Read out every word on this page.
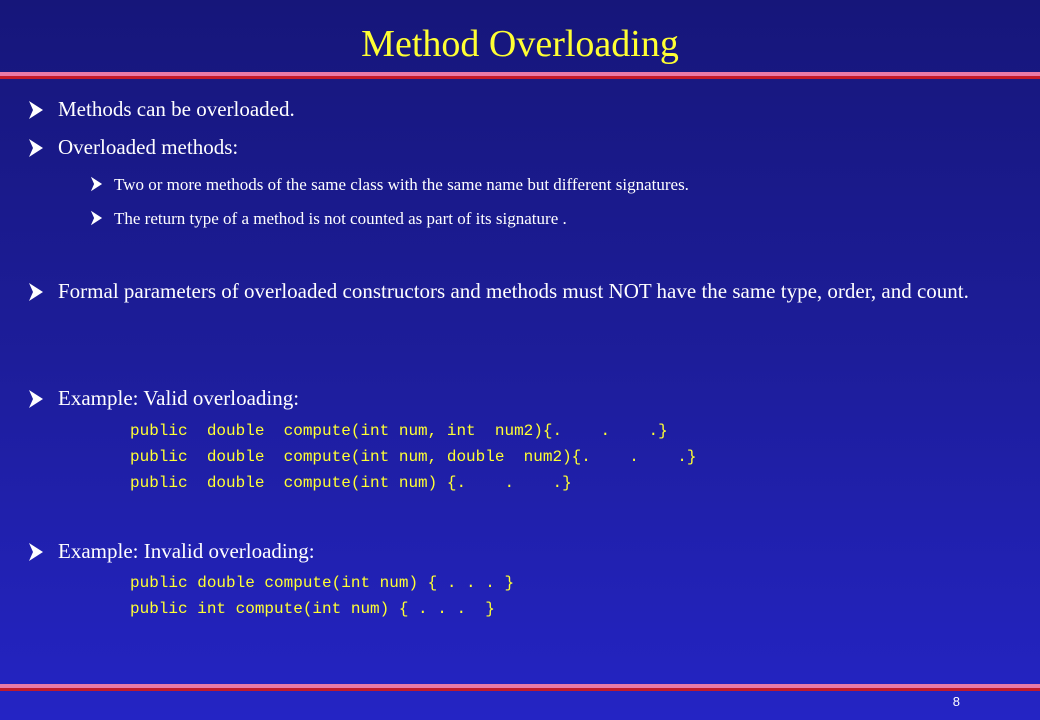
Method Overloading
Methods can be overloaded.
Overloaded methods:
Two or more methods of the same class with the same name but different signatures.
The return type of a method is not counted as part of its signature .
Formal parameters of overloaded constructors and methods must NOT have the same type, order, and count.
Example: Valid overloading:
public  double  compute(int num, int  num2){.    .    .}
public  double  compute(int num, double  num2){.    .    .}
public  double  compute(int num) {.    .    .}
Example: Invalid overloading:
public double compute(int num) { . . . }
public int compute(int num) { . . .  }
8
